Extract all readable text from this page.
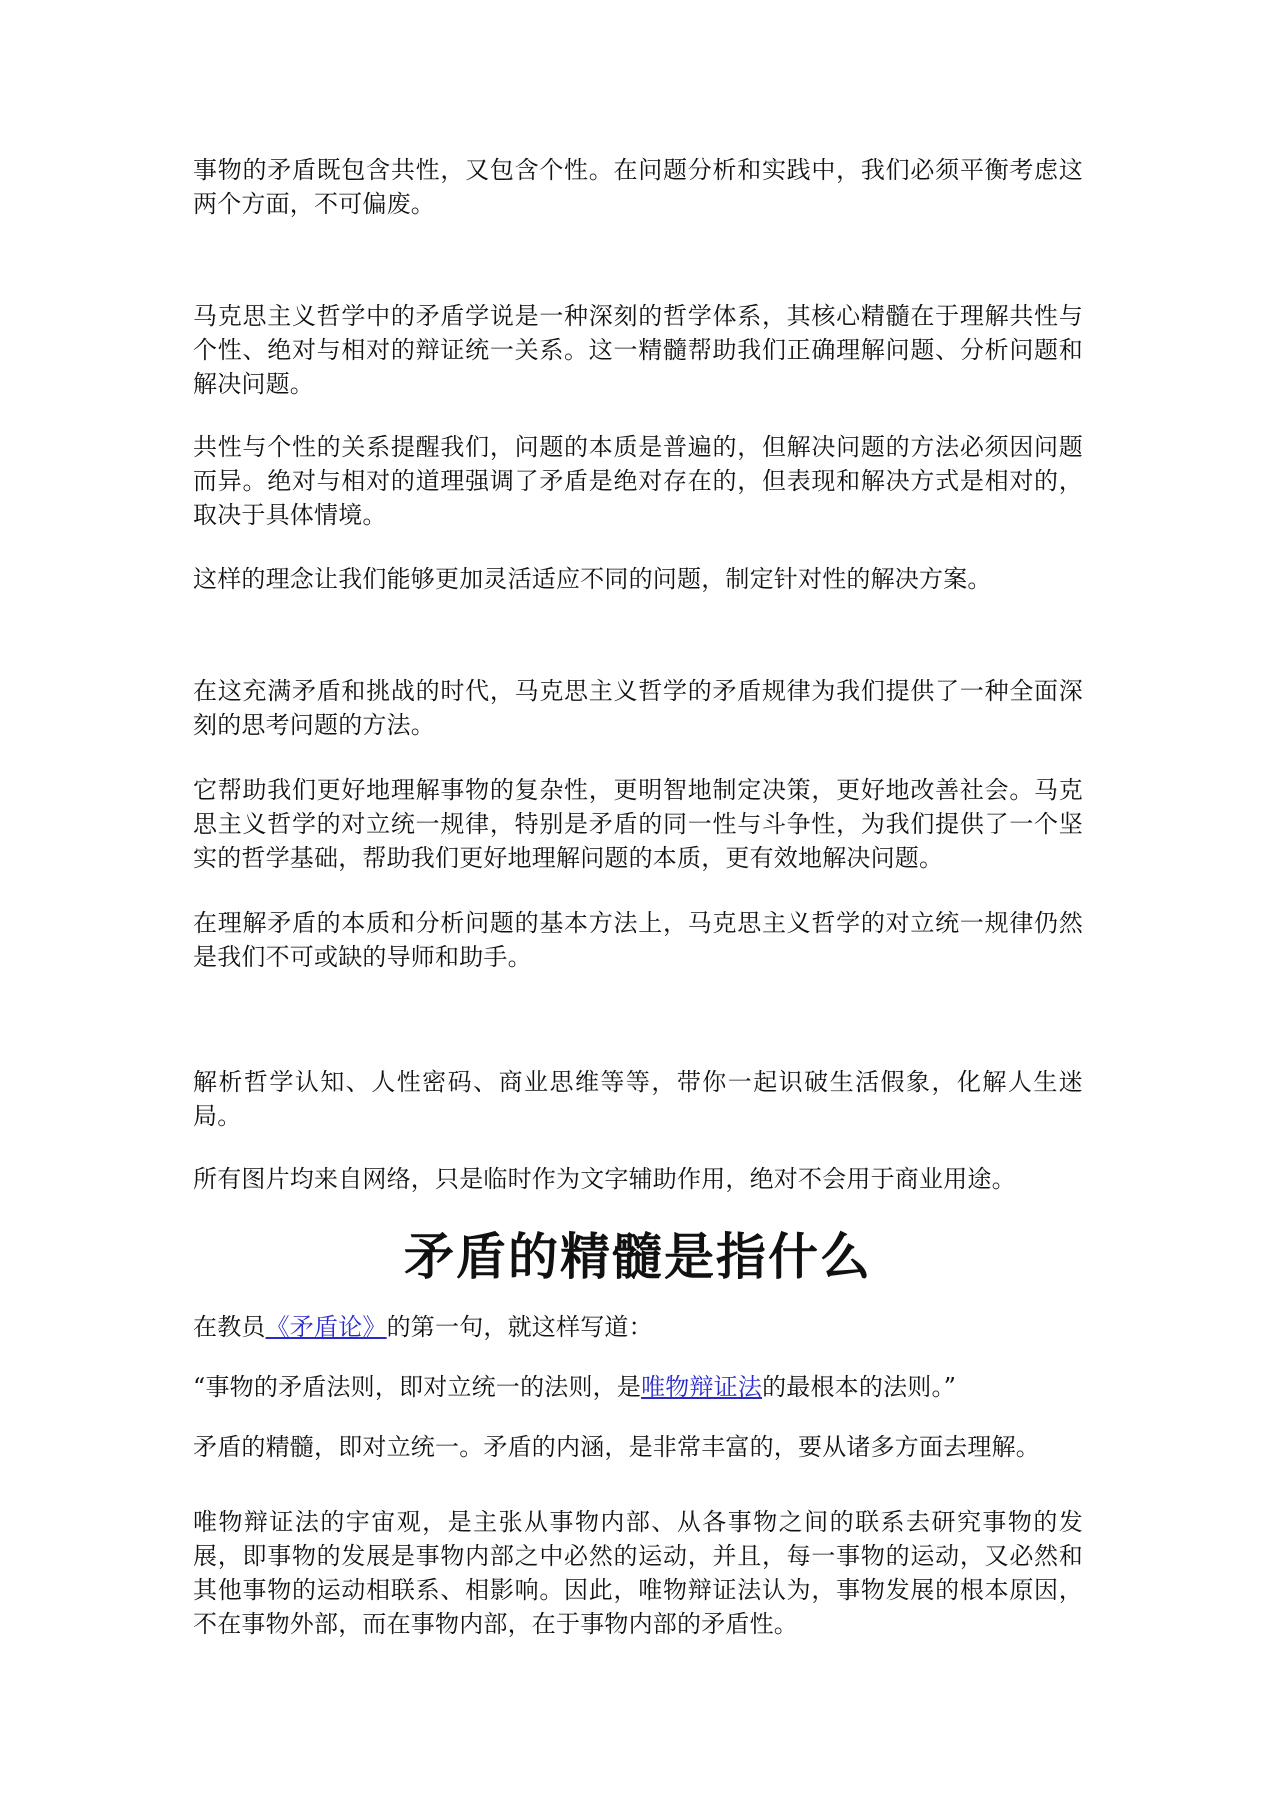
事物的矛盾既包含共性，又包含个性。在问题分析和实践中，我们必须平衡考虑这两个方面，不可偏废。

马克思主义哲学中的矛盾学说是一种深刻的哲学体系，其核心精髓在于理解共性与个性、绝对与相对的辩证统一关系。这一精髓帮助我们正确理解问题、分析问题和解决问题。

共性与个性的关系提醒我们，问题的本质是普遍的，但解决问题的方法必须因问题而异。绝对与相对的道理强调了矛盾是绝对存在的，但表现和解决方式是相对的，取决于具体情境。

这样的理念让我们能够更加灵活适应不同的问题，制定针对性的解决方案。

在这充满矛盾和挑战的时代，马克思主义哲学的矛盾规律为我们提供了一种全面深刻的思考问题的方法。

它帮助我们更好地理解事物的复杂性，更明智地制定决策，更好地改善社会。马克思主义哲学的对立统一规律，特别是矛盾的同一性与斗争性，为我们提供了一个坚实的哲学基础，帮助我们更好地理解问题的本质，更有效地解决问题。

在理解矛盾的本质和分析问题的基本方法上，马克思主义哲学的对立统一规律仍然是我们不可或缺的导师和助手。

解析哲学认知、人性密码、商业思维等等，带你一起识破生活假象，化解人生迷局。

所有图片均来自网络，只是临时作为文字辅助作用，绝对不会用于商业用途。

矛盾的精髓是指什么

在教员《矛盾论》的第一句，就这样写道：

“事物的矛盾法则，即对立统一的法则，是唯物辩证法的最根本的法则。”

矛盾的精髓，即对立统一。矛盾的内涵，是非常丰富的，要从诸多方面去理解。

唯物辩证法的宇宙观，是主张从事物内部、从各事物之间的联系去研究事物的发展，即事物的发展是事物内部之中必然的运动，并且，每一事物的运动，又必然和其他事物的运动相联系、相影响。因此，唯物辩证法认为，事物发展的根本原因，不在事物外部，而在事物内部，在于事物内部的矛盾性。
